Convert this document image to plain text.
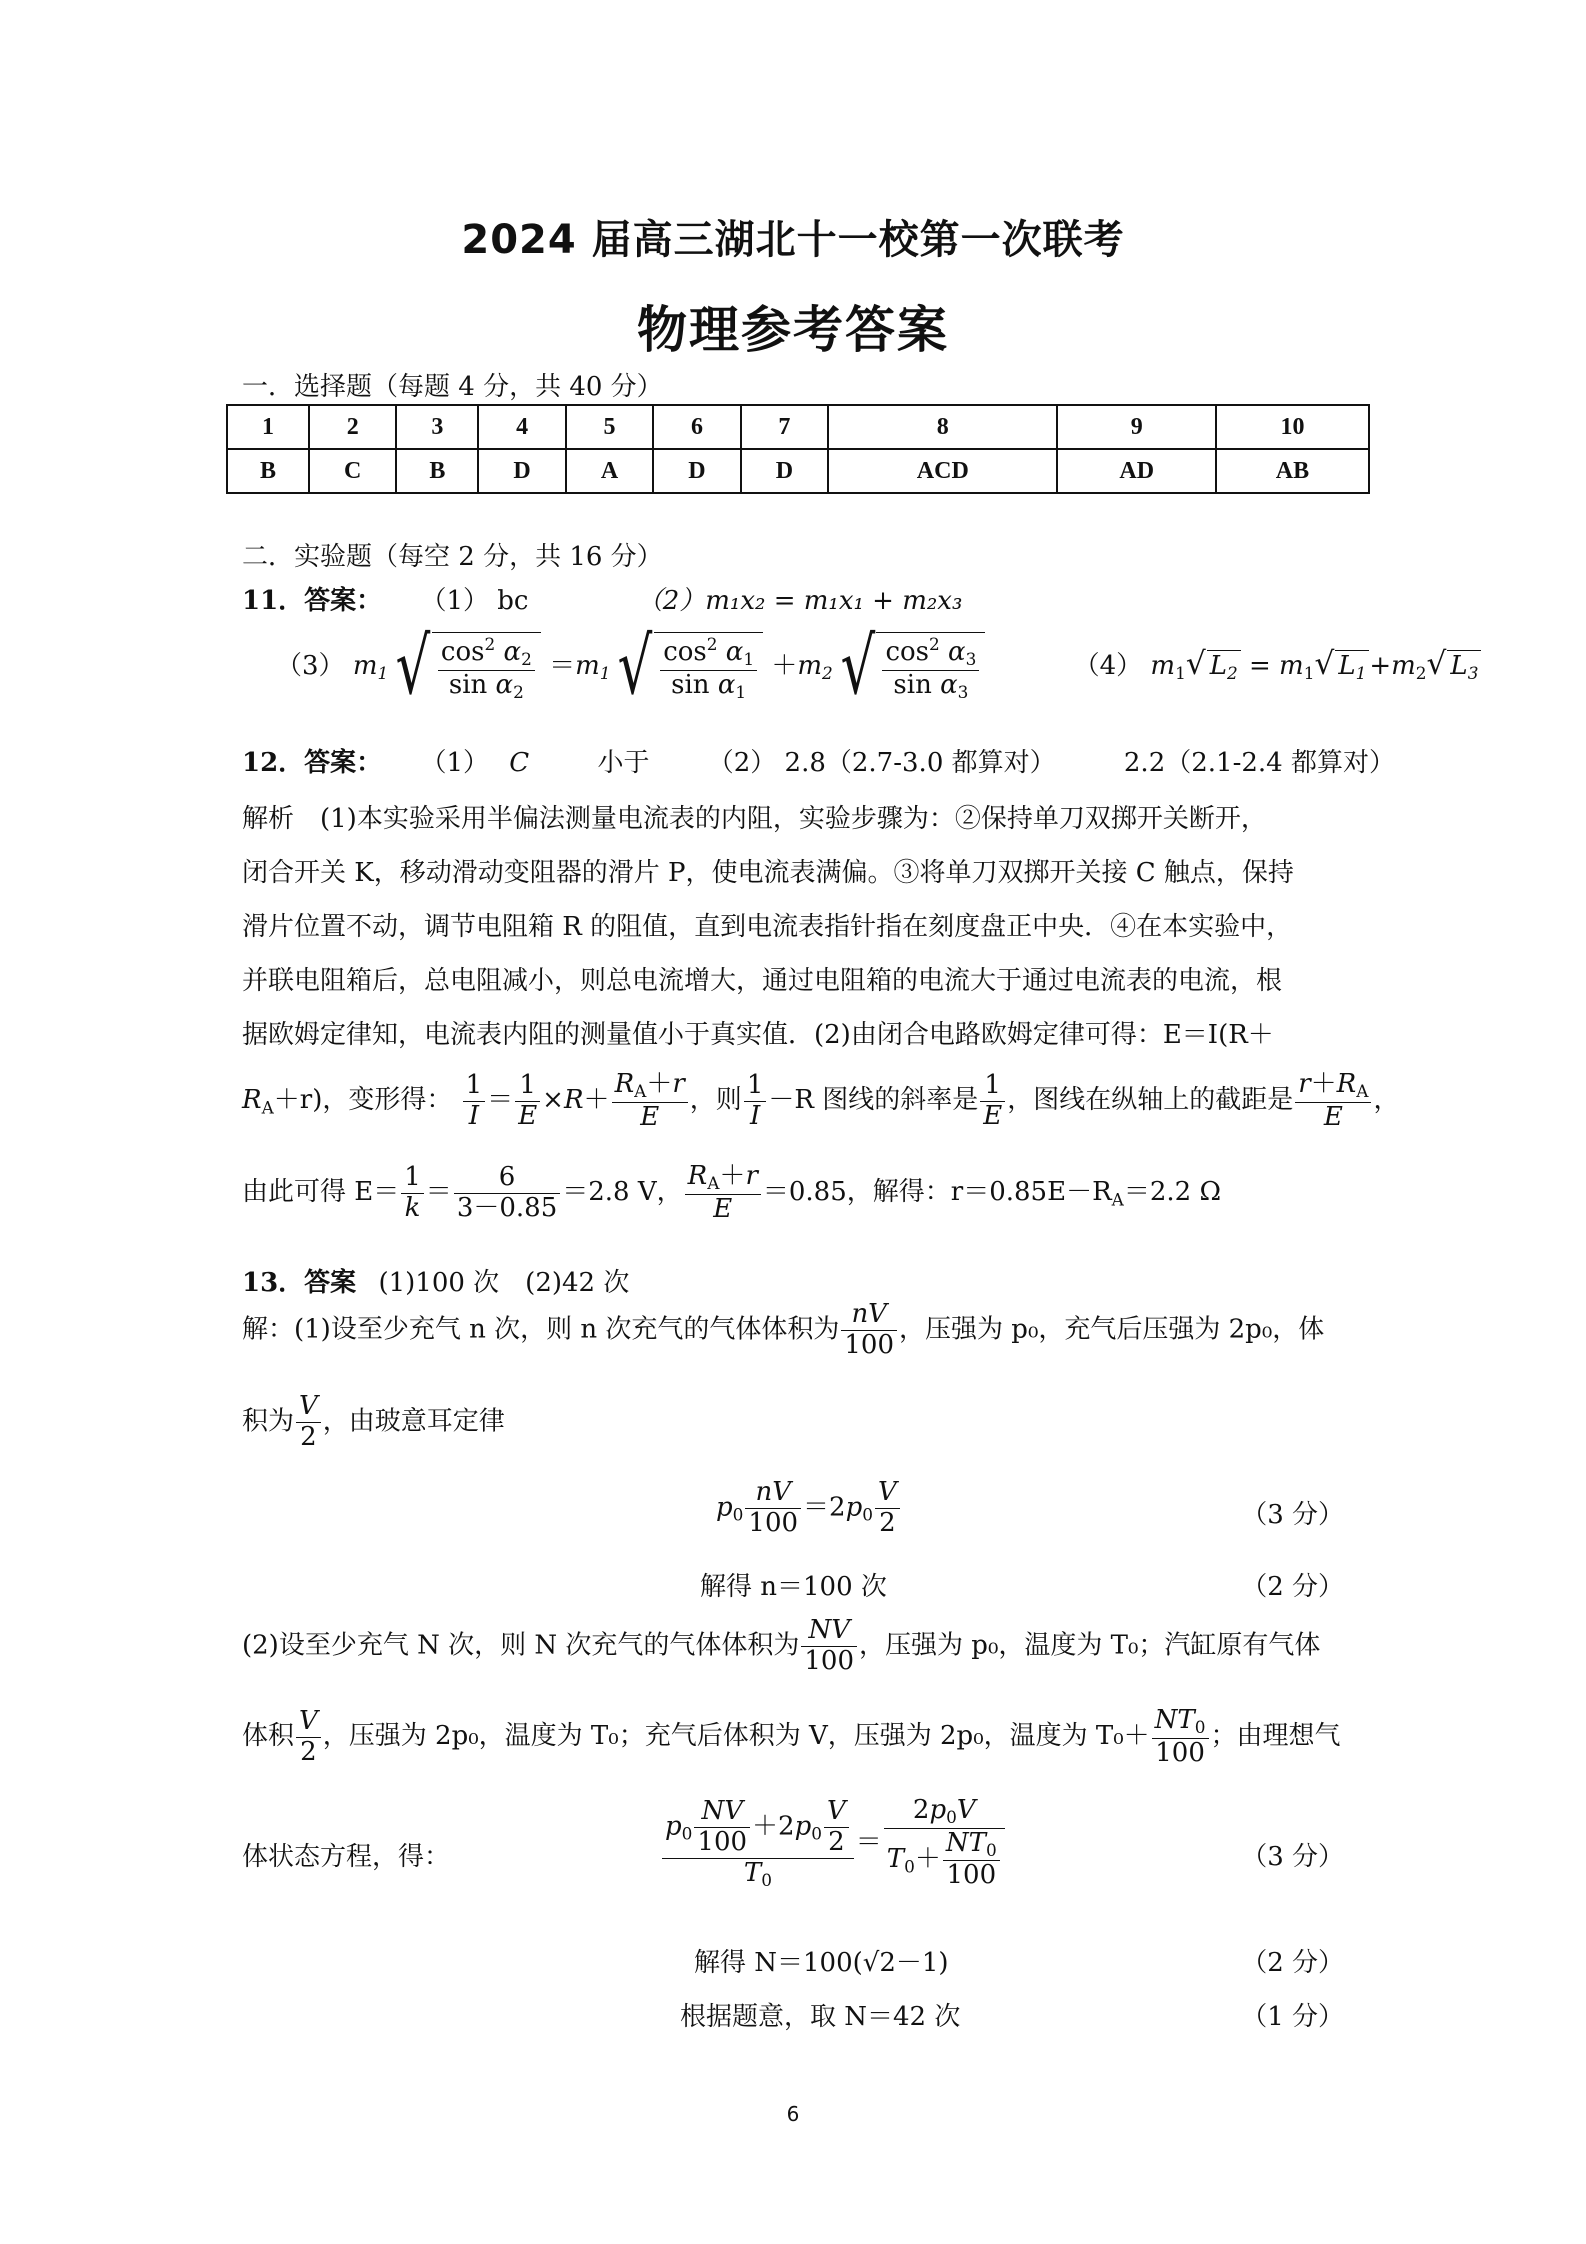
2024 届高三湖北十一校第一次联考
物理参考答案
一．选择题（每题 4 分，共 40 分）
1	2	3	4	5	6	7	8	9	10
B	C	B	D	A	D	D	ACD	AD	AB
二．实验题（每空 2 分，共 16 分）
11．答案： （1） bc	（2）m₁x₂ = m₁x₁ + m₂x₃
（3） $m_1√ \frac{\cos^2 \alpha_2}{\sin \alpha_2} =m_1√ \frac{\cos^2 \alpha_1}{\sin \alpha_1} +m_2√ \frac{\cos^2 \alpha_3}{\sin \alpha_3}$	（4） $m_1√$ $L_2 = m_1√$ $L_1 +m_2√$ $L_3$
12．答案： （1） C	小于 （2） 2.8（2.7-3.0 都算对）	2.2（2.1-2.4 都算对）
解析　(1)本实验采用半偏法测量电流表的内阻，实验步骤为：②保持单刀双掷开关断开，
闭合开关 K，移动滑动变阻器的滑片 P，使电流表满偏。③将单刀双掷开关接 C 触点，保持
滑片位置不动，调节电阻箱 R 的阻值，直到电流表指针指在刻度盘正中央．④在本实验中，
并联电阻箱后，总电阻减小，则总电流增大，通过电阻箱的电流大于通过电流表的电流，根
据欧姆定律知，电流表内阻的测量值小于真实值．(2)由闭合电路欧姆定律可得：E＝I(R＋
$R_A+r$)，变形得： $\frac{1}{I} = \frac{1}{E} \times R+ \frac{R_A+r}{E}$ ，则 $\frac{1}{I} -R$ 图线的斜率是 $\frac{1}{E}$ ，图线在纵轴上的截距是 $\frac{r+R_A}{E}$ ，
由此可得 $E= \frac{1}{k} = \frac{6}{3-0.85} =2.8$ V， $\frac{R_A+r}{E} =0.85$，解得：$r=0.85E-R_A=2.2$ Ω
13．答案 (1)100 次　(2)42 次
解：(1)设至少充气 n 次，则 n 次充气的气体体积为 $\frac{nV}{100}$ ，压强为 p₀，充气后压强为 2p₀，体
积为 $\frac{V}{2}$ ，由玻意耳定律
$p_0 \frac{nV}{100} =2p_0 \frac{V}{2}$	（3 分）
解得 n＝100 次	（2 分）
(2)设至少充气 N 次，则 N 次充气的气体体积为 $\frac{NV}{100}$ ，压强为 p₀，温度为 T₀；汽缸原有气体
体积 $\frac{V}{2}$ ，压强为 2p₀，温度为 T₀；充气后体积为 V，压强为 2p₀，温度为 $T_0+ \frac{NT_0}{100}$ ；由理想气
体状态方程，得：	$\frac{p_0 \frac{NV}{100} +2p_0 \frac{V}{2}}{T_0} = \frac{2p_0V}{T_0+ \frac{NT_0}{100}}$	（3 分）
解得 N＝100(√2－1)	（2 分）
根据题意，取 N＝42 次	（1 分）
6
